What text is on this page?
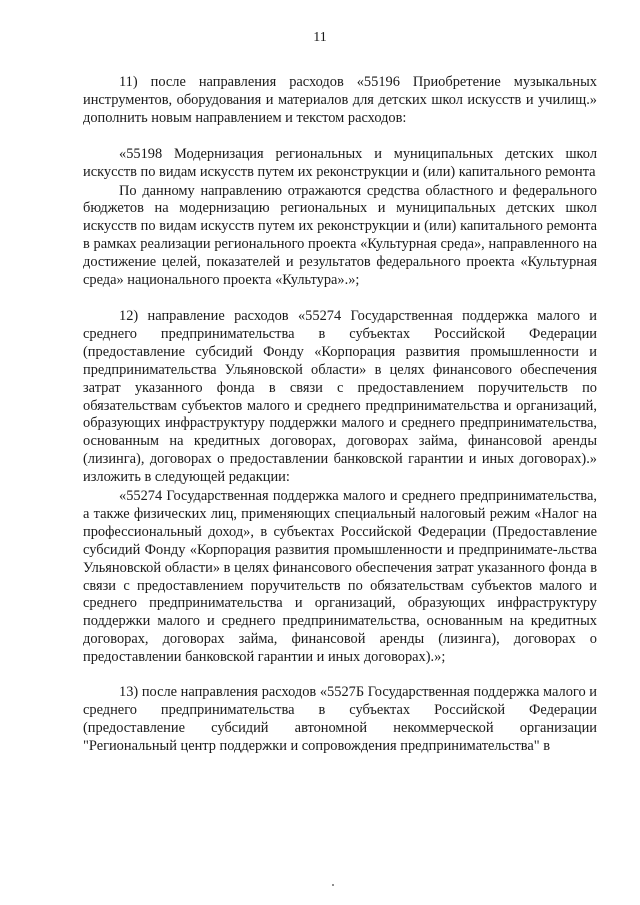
11

11) после направления расходов «55196 Приобретение музыкальных инструментов, оборудования и материалов для детских школ искусств и училищ.» дополнить новым направлением и текстом расходов:

«55198 Модернизация региональных и муниципальных детских школ искусств по видам искусств путем их реконструкции и (или) капитального ремонта

По данному направлению отражаются средства областного и федерального бюджетов на модернизацию региональных и муниципальных детских школ искусств по видам искусств путем их реконструкции и (или) капитального ремонта в рамках реализации регионального проекта «Культурная среда», направленного на достижение целей, показателей и результатов федерального проекта «Культурная среда» национального проекта «Культура».»;

12) направление расходов «55274 Государственная поддержка малого и среднего предпринимательства в субъектах Российской Федерации (предоставление субсидий Фонду «Корпорация развития промышленности и предпринимательства Ульяновской области» в целях финансового обеспечения затрат указанного фонда в связи с предоставлением поручительств по обязательствам субъектов малого и среднего предпринимательства и организаций, образующих инфраструктуру поддержки малого и среднего предпринимательства, основанным на кредитных договорах, договорах займа, финансовой аренды (лизинга), договорах о предоставлении банковской гарантии и иных договорах).» изложить в следующей редакции:

«55274 Государственная поддержка малого и среднего предпринимательства, а также физических лиц, применяющих специальный налоговый режим «Налог на профессиональный доход», в субъектах Российской Федерации (Предоставление субсидий Фонду «Корпорация развития промышленности и предпринимате-льства Ульяновской области» в целях финансового обеспечения затрат указанного фонда в связи с предоставлением поручительств по обязательствам субъектов малого и среднего предпринимательства и организаций, образующих инфраструктуру поддержки малого и среднего предпринимательства, основанным на кредитных договорах, договорах займа, финансовой аренды (лизинга), договорах о предоставлении банковской гарантии и иных договорах).»;

13) после направления расходов «5527Б Государственная поддержка малого и среднего предпринимательства в субъектах Российской Федерации (предоставление субсидий автономной некоммерческой организации "Региональный центр поддержки и сопровождения предпринимательства" в
